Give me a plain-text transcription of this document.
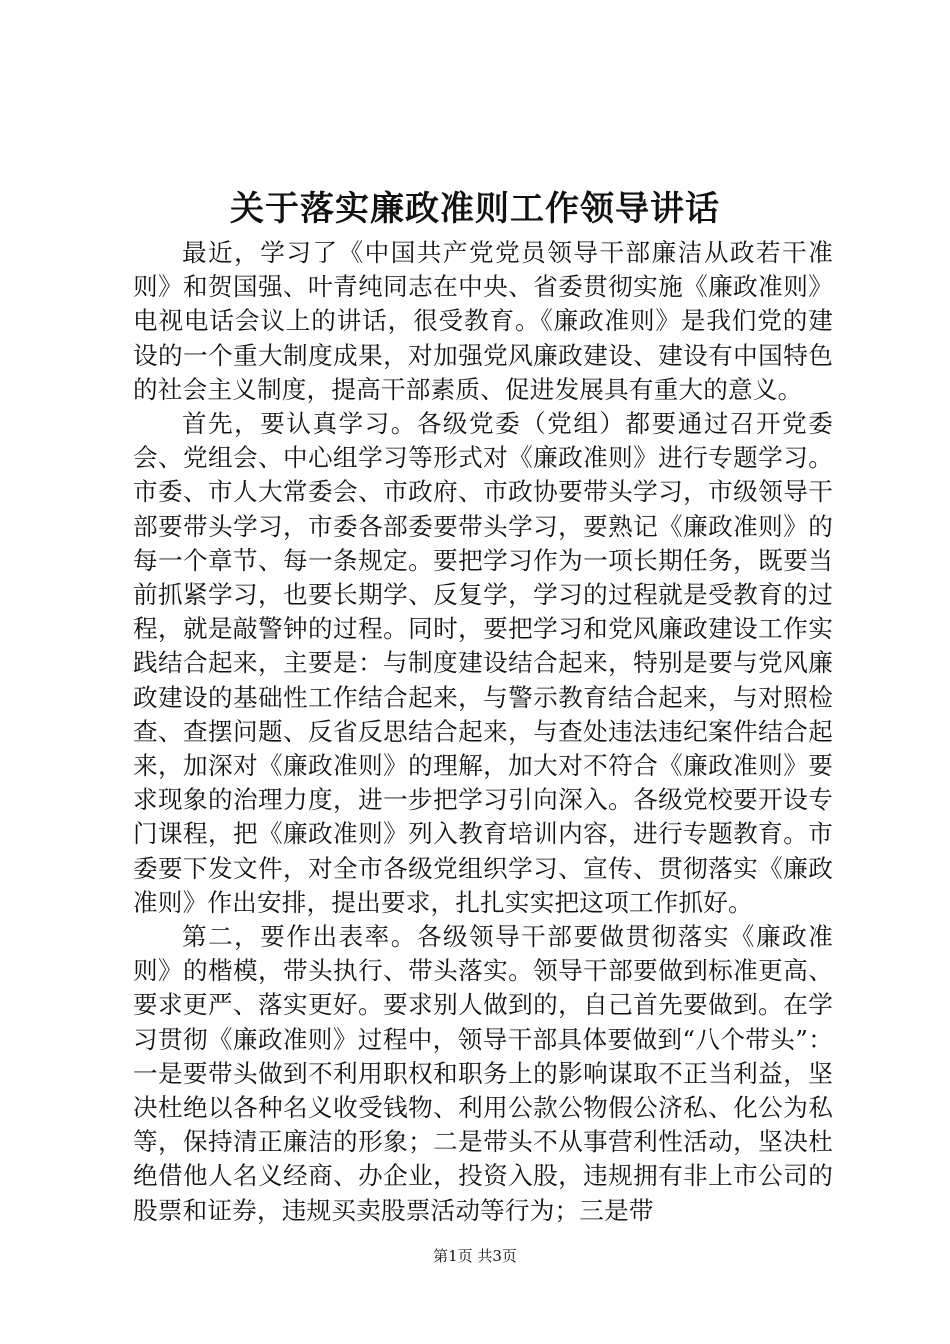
关于落实廉政准则工作领导讲话

最近，学习了《中国共产党党员领导干部廉洁从政若干准则》和贺国强、叶青纯同志在中央、省委贯彻实施《廉政准则》电视电话会议上的讲话，很受教育。《廉政准则》是我们党的建设的一个重大制度成果，对加强党风廉政建设、建设有中国特色的社会主义制度，提高干部素质、促进发展具有重大的意义。

首先，要认真学习。各级党委（党组）都要通过召开党委会、党组会、中心组学习等形式对《廉政准则》进行专题学习。市委、市人大常委会、市政府、市政协要带头学习，市级领导干部要带头学习，市委各部委要带头学习，要熟记《廉政准则》的每一个章节、每一条规定。要把学习作为一项长期任务，既要当前抓紧学习，也要长期学、反复学，学习的过程就是受教育的过程，就是敲警钟的过程。同时，要把学习和党风廉政建设工作实践结合起来，主要是：与制度建设结合起来，特别是要与党风廉政建设的基础性工作结合起来，与警示教育结合起来，与对照检查、查摆问题、反省反思结合起来，与查处违法违纪案件结合起来，加深对《廉政准则》的理解，加大对不符合《廉政准则》要求现象的治理力度，进一步把学习引向深入。各级党校要开设专门课程，把《廉政准则》列入教育培训内容，进行专题教育。市委要下发文件，对全市各级党组织学习、宣传、贯彻落实《廉政准则》作出安排，提出要求，扎扎实实把这项工作抓好。

第二，要作出表率。各级领导干部要做贯彻落实《廉政准则》的楷模，带头执行、带头落实。领导干部要做到标准更高、要求更严、落实更好。要求别人做到的，自己首先要做到。在学习贯彻《廉政准则》过程中，领导干部具体要做到“八个带头”：一是要带头做到不利用职权和职务上的影响谋取不正当利益，坚决杜绝以各种名义收受钱物、利用公款公物假公济私、化公为私等，保持清正廉洁的形象；二是带头不从事营利性活动，坚决杜绝借他人名义经商、办企业，投资入股，违规拥有非上市公司的股票和证券，违规买卖股票活动等行为；三是带

第1页 共3页
